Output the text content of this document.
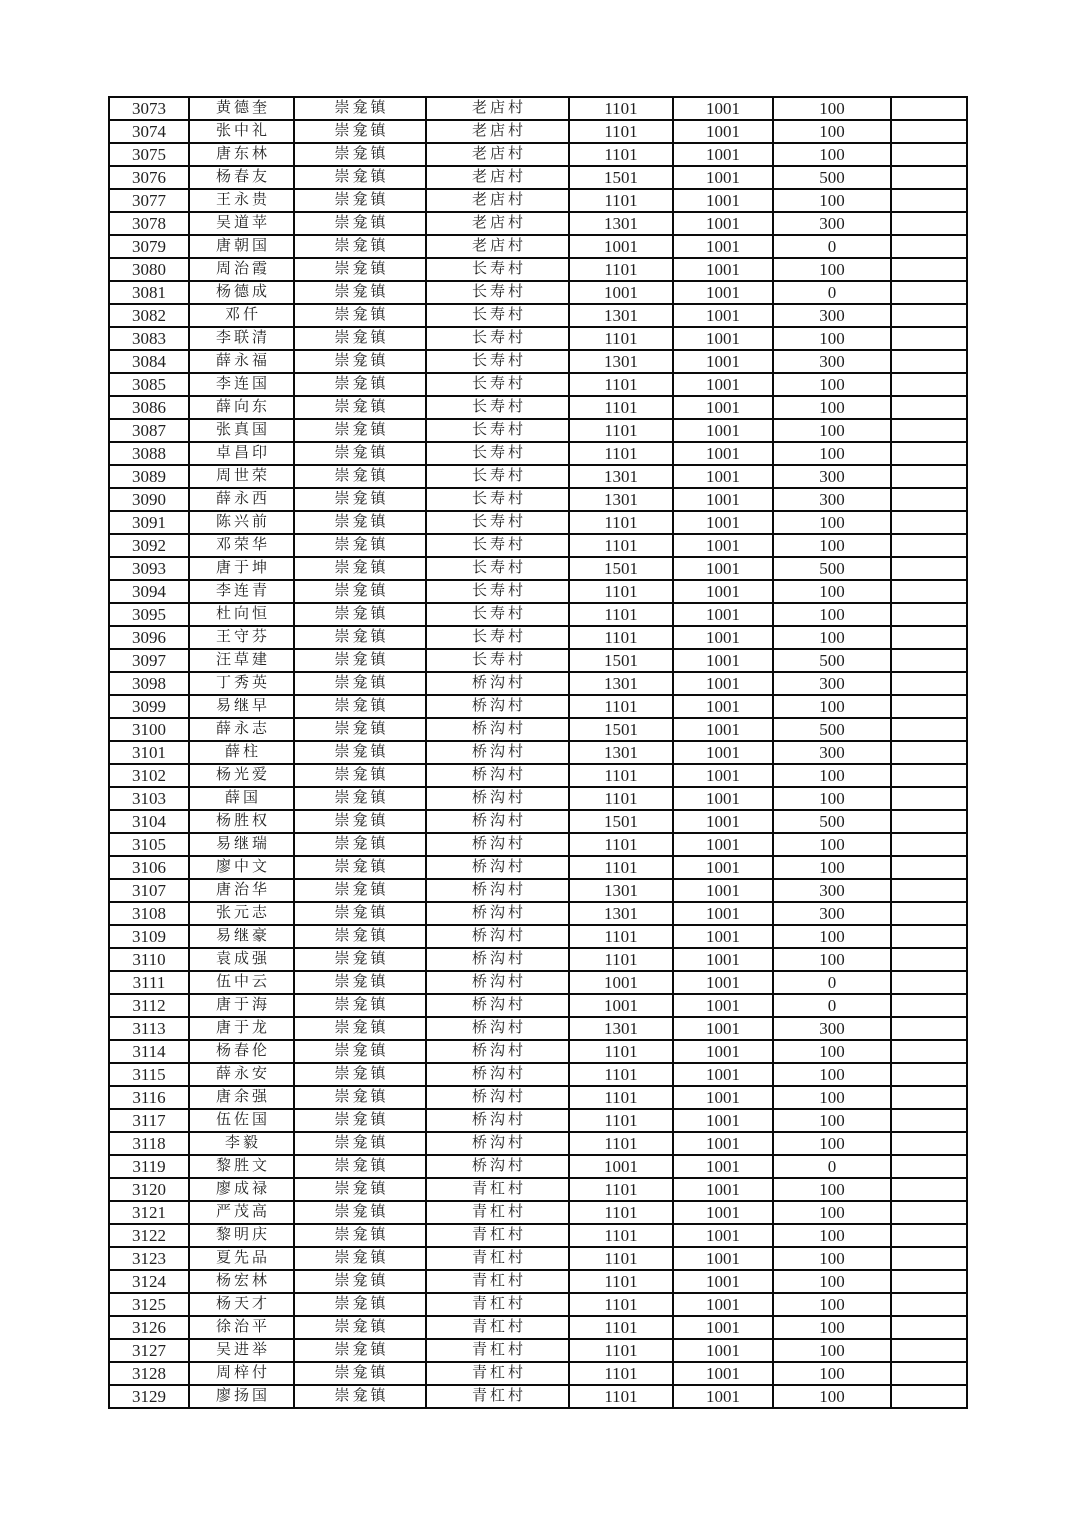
3073	黄德奎	崇龛镇	老店村	1101	1001	100	
3074	张中礼	崇龛镇	老店村	1101	1001	100	
3075	唐东林	崇龛镇	老店村	1101	1001	100	
3076	杨春友	崇龛镇	老店村	1501	1001	500	
3077	王永贵	崇龛镇	老店村	1101	1001	100	
3078	吴道苹	崇龛镇	老店村	1301	1001	300	
3079	唐朝国	崇龛镇	老店村	1001	1001	0	
3080	周治霞	崇龛镇	长寿村	1101	1001	100	
3081	杨德成	崇龛镇	长寿村	1001	1001	0	
3082	邓仟	崇龛镇	长寿村	1301	1001	300	
3083	李联清	崇龛镇	长寿村	1101	1001	100	
3084	薛永福	崇龛镇	长寿村	1301	1001	300	
3085	李连国	崇龛镇	长寿村	1101	1001	100	
3086	薛向东	崇龛镇	长寿村	1101	1001	100	
3087	张真国	崇龛镇	长寿村	1101	1001	100	
3088	卓昌印	崇龛镇	长寿村	1101	1001	100	
3089	周世荣	崇龛镇	长寿村	1301	1001	300	
3090	薛永西	崇龛镇	长寿村	1301	1001	300	
3091	陈兴前	崇龛镇	长寿村	1101	1001	100	
3092	邓荣华	崇龛镇	长寿村	1101	1001	100	
3093	唐于坤	崇龛镇	长寿村	1501	1001	500	
3094	李连青	崇龛镇	长寿村	1101	1001	100	
3095	杜向恒	崇龛镇	长寿村	1101	1001	100	
3096	王守芬	崇龛镇	长寿村	1101	1001	100	
3097	汪草建	崇龛镇	长寿村	1501	1001	500	
3098	丁秀英	崇龛镇	桥沟村	1301	1001	300	
3099	易继早	崇龛镇	桥沟村	1101	1001	100	
3100	薛永志	崇龛镇	桥沟村	1501	1001	500	
3101	薛柱	崇龛镇	桥沟村	1301	1001	300	
3102	杨光爱	崇龛镇	桥沟村	1101	1001	100	
3103	薛国	崇龛镇	桥沟村	1101	1001	100	
3104	杨胜权	崇龛镇	桥沟村	1501	1001	500	
3105	易继瑞	崇龛镇	桥沟村	1101	1001	100	
3106	廖中文	崇龛镇	桥沟村	1101	1001	100	
3107	唐治华	崇龛镇	桥沟村	1301	1001	300	
3108	张元志	崇龛镇	桥沟村	1301	1001	300	
3109	易继豪	崇龛镇	桥沟村	1101	1001	100	
3110	袁成强	崇龛镇	桥沟村	1101	1001	100	
3111	伍中云	崇龛镇	桥沟村	1001	1001	0	
3112	唐于海	崇龛镇	桥沟村	1001	1001	0	
3113	唐于龙	崇龛镇	桥沟村	1301	1001	300	
3114	杨春伦	崇龛镇	桥沟村	1101	1001	100	
3115	薛永安	崇龛镇	桥沟村	1101	1001	100	
3116	唐余强	崇龛镇	桥沟村	1101	1001	100	
3117	伍佐国	崇龛镇	桥沟村	1101	1001	100	
3118	李毅	崇龛镇	桥沟村	1101	1001	100	
3119	黎胜文	崇龛镇	桥沟村	1001	1001	0	
3120	廖成禄	崇龛镇	青杠村	1101	1001	100	
3121	严茂高	崇龛镇	青杠村	1101	1001	100	
3122	黎明庆	崇龛镇	青杠村	1101	1001	100	
3123	夏先品	崇龛镇	青杠村	1101	1001	100	
3124	杨宏林	崇龛镇	青杠村	1101	1001	100	
3125	杨天才	崇龛镇	青杠村	1101	1001	100	
3126	徐治平	崇龛镇	青杠村	1101	1001	100	
3127	吴进举	崇龛镇	青杠村	1101	1001	100	
3128	周梓付	崇龛镇	青杠村	1101	1001	100	
3129	廖扬国	崇龛镇	青杠村	1101	1001	100	
